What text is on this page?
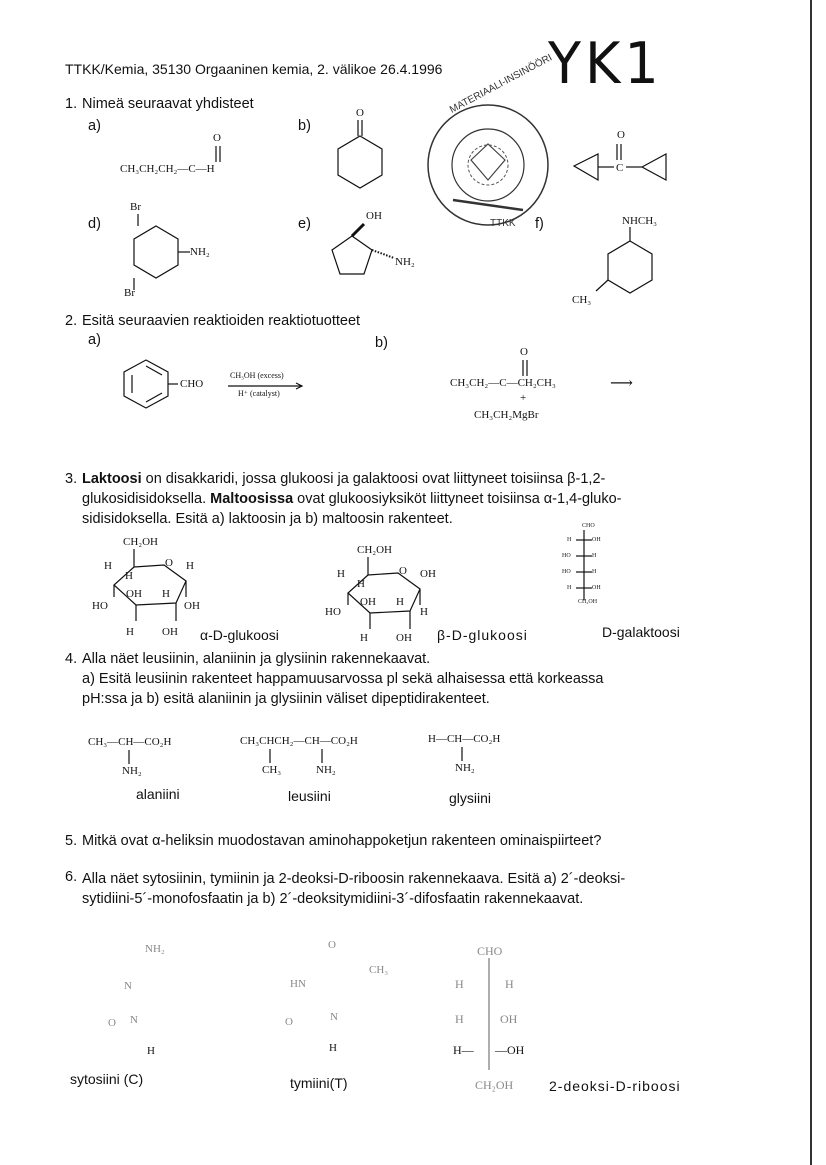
TTKK/Kemia, 35130 Orgaaninen kemia, 2. välikoe 26.4.1996 YK1
MATERIAALI-INSINÖÖRI
TTKK
1. Nimeä seuraavat yhdisteet
a)
O
CH₃CH₂CH₂—C—H
b)
O
O
C
d)
Br
Br
NH₂
e)	OH
NH₂
f)	NHCH₃
CH₃
2. Esitä seuraavien reaktioiden reaktiotuotteet
a)	b)
CHO
CH₃OH (excess)
H⁺ (catalyst)
O
CH₃CH₂—C—CH₂CH₃	⟶
+
CH₃CH₂MgBr
3. Laktoosi on disakkaridi, jossa glukoosi ja galaktoosi ovat liittyneet toisiinsa β-1,2-
glukosidisidoksella. Maltoosissa ovat glukoosiyksiköt liittyneet toisiinsa α-1,4-gluko-
sidisidoksella. Esitä a) laktoosin ja b) maltoosin rakenteet.
CH₂OH
O
H
H
H
OH H
HO	OH
H	OH α-D-glukoosi
CH₂OH
O
H
H
OH
OH H
HO	H
H	OH β-D-glukoosi
CHO
H	OH
HO	H
HO	H
H	OH
CH₂OH
D-galaktoosi
4. Alla näet leusiinin, alaniinin ja glysiinin rakennekaavat.
a) Esitä leusiinin rakenteet happamuusarvossa pl sekä alhaisessa että korkeassa
pH:ssa ja b) esitä alaniinin ja glysiinin väliset dipeptidirakenteet.
CH₃—CH—CO₂H
NH₂
alaniini
CH₃CHCH₂—CH—CO₂H
CH₃	NH₂
leusiini
H—CH—CO₂H
NH₂
glysiini
5. Mitkä ovat α-heliksin muodostavan aminohappoketjun rakenteen ominaispiirteet?
6. Alla näet sytosiinin, tymiinin ja 2-deoksi-D-riboosin rakennekaava. Esitä a) 2´-deoksi-
sytidiini-5´-monofosfaatin ja b) 2´-deoksitymidiini-3´-difosfaatin rakennekaavat.
NH₂
N
O N
H
sytosiini (C)
O
CH₃
HN
O	N
H
tymiini(T)
CHO
H	H
H	OH
H— —OH
CH₂OH	2-deoksi-D-riboosi
